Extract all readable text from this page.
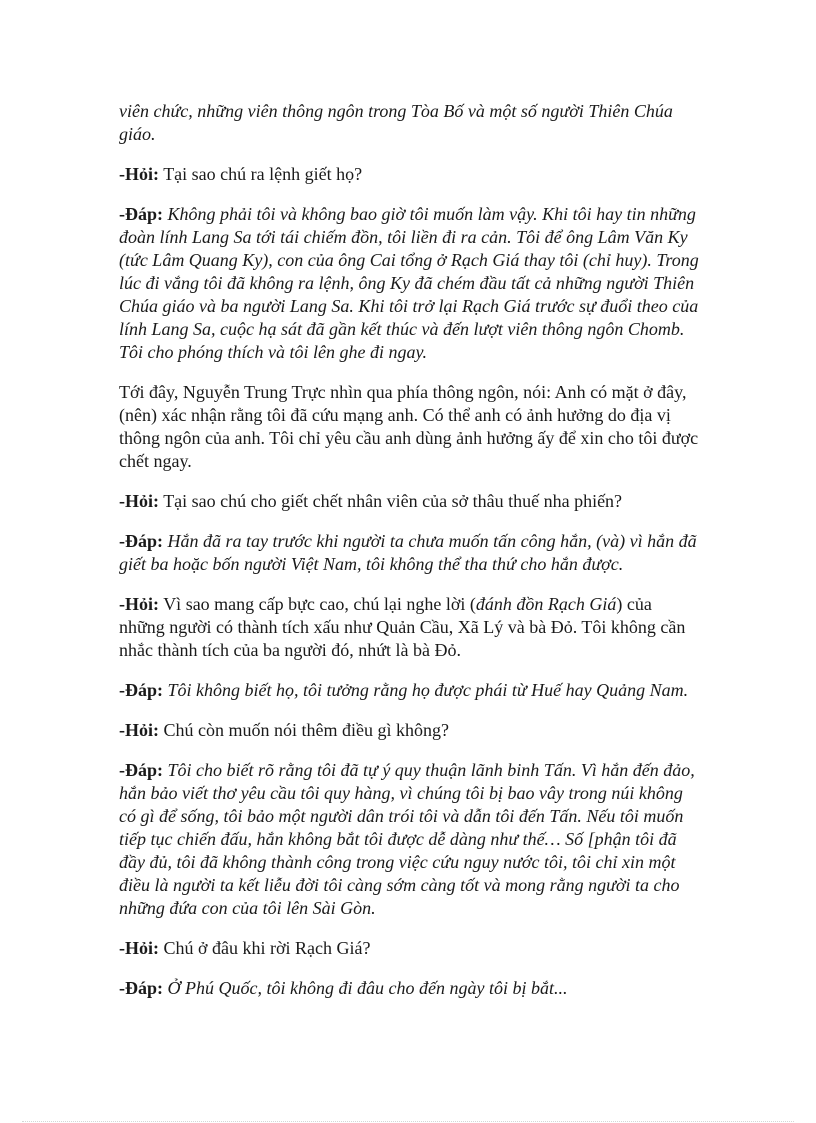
viên chức, những viên thông ngôn trong Tòa Bố và một số người Thiên Chúa giáo.

-Hỏi: Tại sao chú ra lệnh giết họ?

-Đáp: Không phải tôi và không bao giờ tôi muốn làm vậy. Khi tôi hay tin những đoàn lính Lang Sa tới tái chiếm đồn, tôi liền đi ra cản. Tôi để ông Lâm Văn Ky (tức Lâm Quang Ky), con của ông Cai tổng ở Rạch Giá thay tôi (chỉ huy). Trong lúc đi vắng tôi đã không ra lệnh, ông Ky đã chém đầu tất cả những người Thiên Chúa giáo và ba người Lang Sa. Khi tôi trở lại Rạch Giá trước sự đuổi theo của lính Lang Sa, cuộc hạ sát đã gần kết thúc và đến lượt viên thông ngôn Chomb. Tôi cho phóng thích và tôi lên ghe đi ngay.

Tới đây, Nguyễn Trung Trực nhìn qua phía thông ngôn, nói: Anh có mặt ở đây, (nên) xác nhận rằng tôi đã cứu mạng anh. Có thể anh có ảnh hưởng do địa vị thông ngôn của anh. Tôi chỉ yêu cầu anh dùng ảnh hưởng ấy để xin cho tôi được chết ngay.

-Hỏi: Tại sao chú cho giết chết nhân viên của sở thâu thuế nha phiến?

-Đáp: Hắn đã ra tay trước khi người ta chưa muốn tấn công hắn, (và) vì hắn đã giết ba hoặc bốn người Việt Nam, tôi không thể tha thứ cho hắn được.

-Hỏi: Vì sao mang cấp bực cao, chú lại nghe lời (đánh đồn Rạch Giá) của những người có thành tích xấu như Quản Cầu, Xã Lý và bà Đỏ. Tôi không cần nhắc thành tích của ba người đó, nhứt là bà Đỏ.

-Đáp: Tôi không biết họ, tôi tưởng rằng họ được phái từ Huế hay Quảng Nam.

-Hỏi: Chú còn muốn nói thêm điều gì không?

-Đáp: Tôi cho biết rõ rằng tôi đã tự ý quy thuận lãnh binh Tấn. Vì hắn đến đảo, hắn bảo viết thơ yêu cầu tôi quy hàng, vì chúng tôi bị bao vây trong núi không có gì để sống, tôi bảo một người dân trói tôi và dẫn tôi đến Tấn. Nếu tôi muốn tiếp tục chiến đấu, hắn không bắt tôi được dễ dàng như thế… Số [phận tôi đã đầy đủ, tôi đã không thành công trong việc cứu nguy nước tôi, tôi chỉ xin một điều là người ta kết liễu đời tôi càng sớm càng tốt và mong rằng người ta cho những đứa con của tôi lên Sài Gòn.

-Hỏi: Chú ở đâu khi rời Rạch Giá?

-Đáp: Ở Phú Quốc, tôi không đi đâu cho đến ngày tôi bị bắt...
